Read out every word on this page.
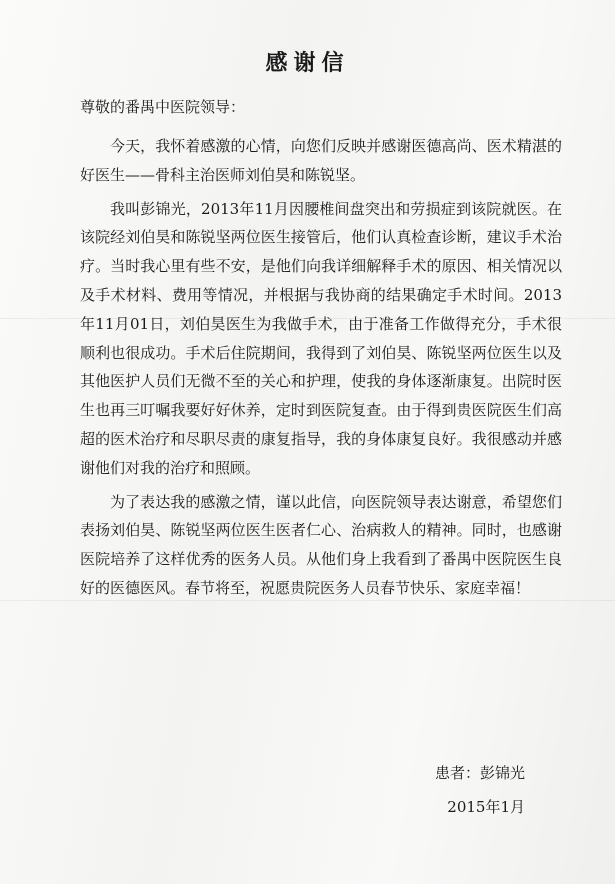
感谢信

尊敬的番禺中医院领导：

今天，我怀着感激的心情，向您们反映并感谢医德高尚、医术精湛的好医生——骨科主治医师刘伯昊和陈锐坚。

我叫彭锦光，2013年11月因腰椎间盘突出和劳损症到该院就医。在该院经刘伯昊和陈锐坚两位医生接管后，他们认真检查诊断，建议手术治疗。当时我心里有些不安，是他们向我详细解释手术的原因、相关情况以及手术材料、费用等情况，并根据与我协商的结果确定手术时间。2013年11月01日，刘伯昊医生为我做手术，由于准备工作做得充分，手术很顺利也很成功。手术后住院期间，我得到了刘伯昊、陈锐坚两位医生以及其他医护人员们无微不至的关心和护理，使我的身体逐渐康复。出院时医生也再三叮嘱我要好好休养，定时到医院复查。由于得到贵医院医生们高超的医术治疗和尽职尽责的康复指导，我的身体康复良好。我很感动并感谢他们对我的治疗和照顾。

为了表达我的感激之情，谨以此信，向医院领导表达谢意，希望您们表扬刘伯昊、陈锐坚两位医生医者仁心、治病救人的精神。同时，也感谢医院培养了这样优秀的医务人员。从他们身上我看到了番禺中医院医生良好的医德医风。春节将至，祝愿贵院医务人员春节快乐、家庭幸福！

患者：彭锦光

2015年1月
